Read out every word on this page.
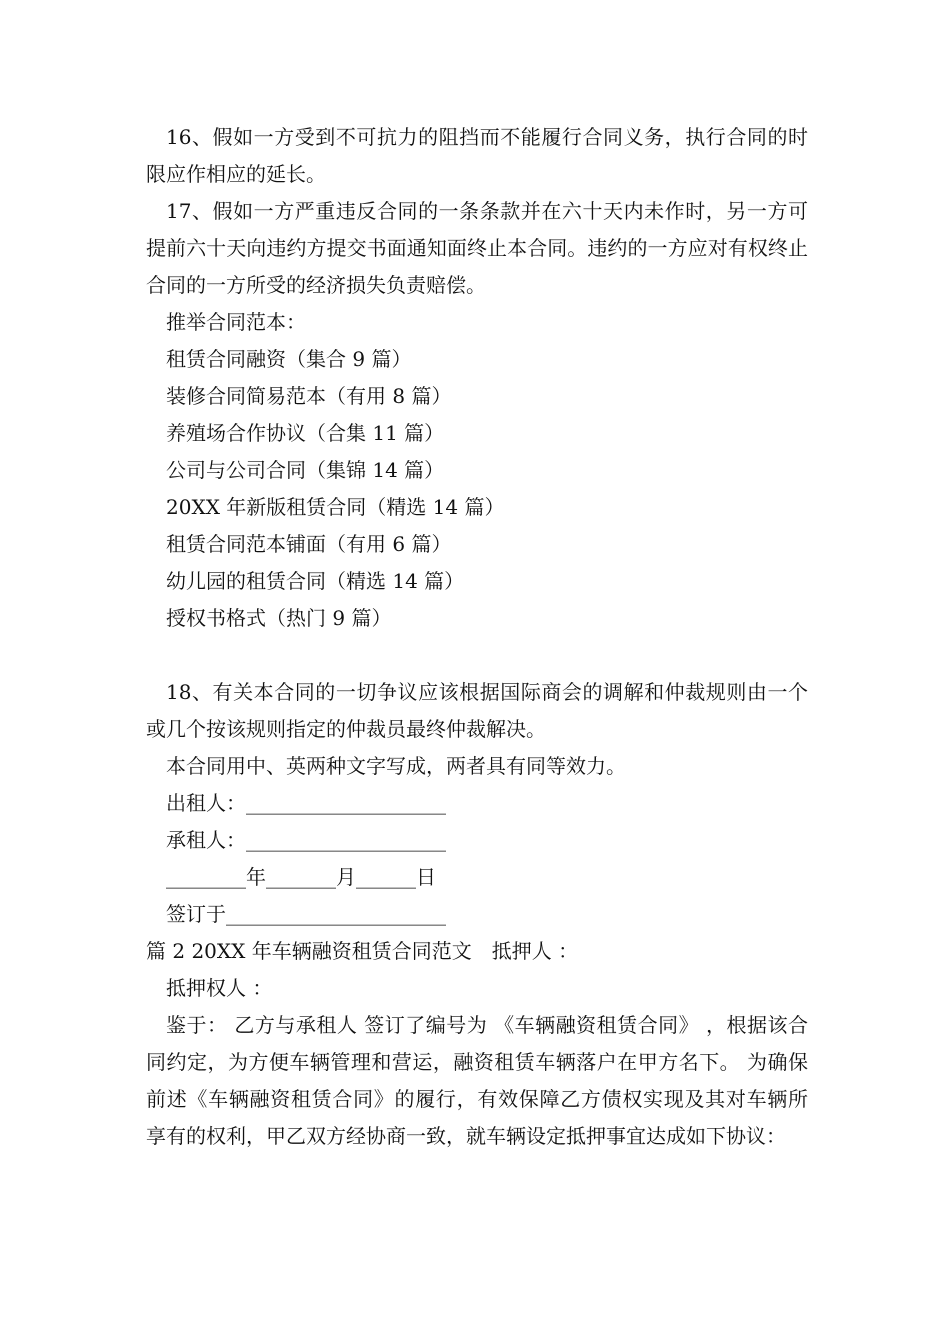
16、假如一方受到不可抗力的阻挡而不能履行合同义务，执行合同的时限应作相应的延长。

17、假如一方严重违反合同的一条条款并在六十天内未作时，另一方可提前六十天向违约方提交书面通知面终止本合同。违约的一方应对有权终止合同的一方所受的经济损失负责赔偿。

推举合同范本：

租赁合同融资（集合 9 篇）

装修合同简易范本（有用 8 篇）

养殖场合作协议（合集 11 篇）

公司与公司合同（集锦 14 篇）

20XX 年新版租赁合同（精选 14 篇）

租赁合同范本铺面（有用 6 篇）

幼儿园的租赁合同（精选 14 篇）

授权书格式（热门 9 篇）

18、有关本合同的一切争议应该根据国际商会的调解和仲裁规则由一个或几个按该规则指定的仲裁员最终仲裁解决。

本合同用中、英两种文字写成，两者具有同等效力。

出租人：____________________

承租人：____________________

________年_______月______日

签订于______________________

篇 2 20XX 年车辆融资租赁合同范文　抵押人 ：

抵押权人 ：

鉴于： 乙方与承租人 签订了编号为 《车辆融资租赁合同》 ，根据该合同约定，为方便车辆管理和营运，融资租赁车辆落户在甲方名下。 为确保前述《车辆融资租赁合同》的履行，有效保障乙方债权实现及其对车辆所 享有的权利，甲乙双方经协商一致，就车辆设定抵押事宜达成如下协议：
